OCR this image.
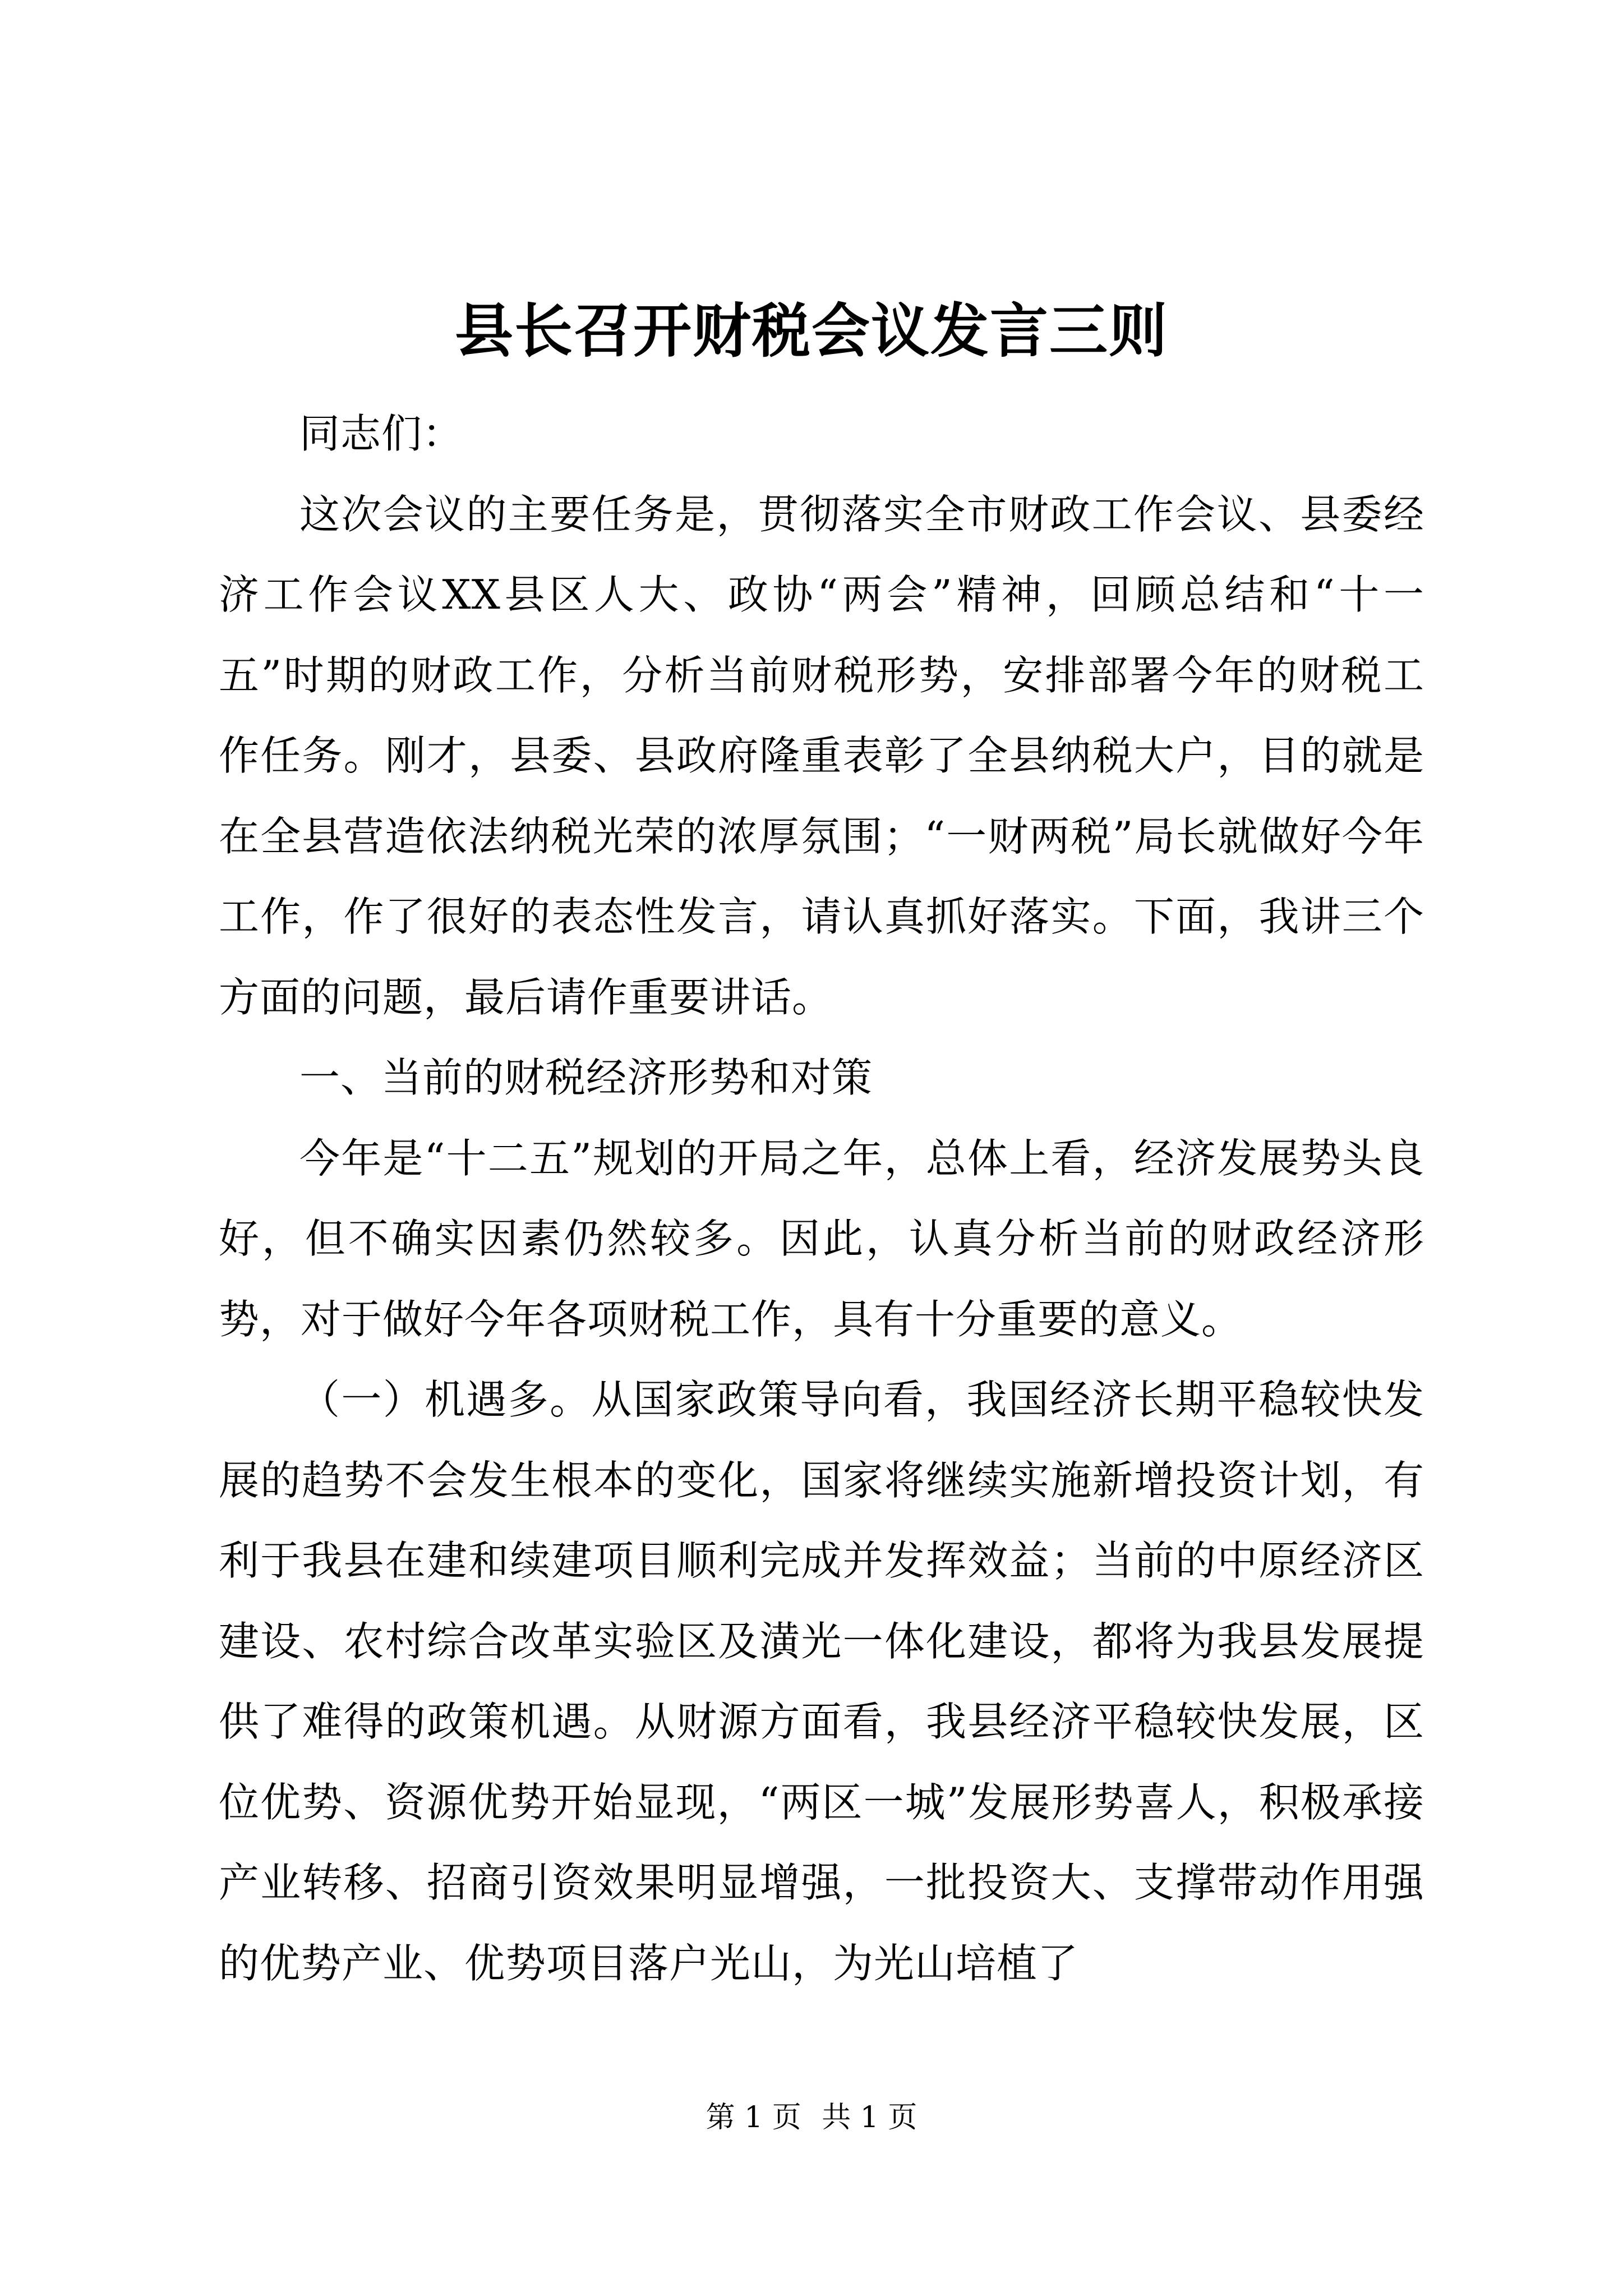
县长召开财税会议发言三则

同志们：

这次会议的主要任务是，贯彻落实全市财政工作会议、县委经济工作会议XX县区人大、政协“两会”精神，回顾总结和“十一五”时期的财政工作，分析当前财税形势，安排部署今年的财税工作任务。刚才，县委、县政府隆重表彰了全县纳税大户，目的就是在全县营造依法纳税光荣的浓厚氛围；“一财两税”局长就做好今年工作，作了很好的表态性发言，请认真抓好落实。下面，我讲三个方面的问题，最后请作重要讲话。

一、当前的财税经济形势和对策

今年是“十二五”规划的开局之年，总体上看，经济发展势头良好，但不确实因素仍然较多。因此，认真分析当前的财政经济形势，对于做好今年各项财税工作，具有十分重要的意义。

（一）机遇多。从国家政策导向看，我国经济长期平稳较快发展的趋势不会发生根本的变化，国家将继续实施新增投资计划，有利于我县在建和续建项目顺利完成并发挥效益；当前的中原经济区建设、农村综合改革实验区及潢光一体化建设，都将为我县发展提供了难得的政策机遇。从财源方面看，我县经济平稳较快发展，区位优势、资源优势开始显现，“两区一城”发展形势喜人，积极承接产业转移、招商引资效果明显增强，一批投资大、支撑带动作用强的优势产业、优势项目落户光山，为光山培植了

第 1 页 共 1 页
